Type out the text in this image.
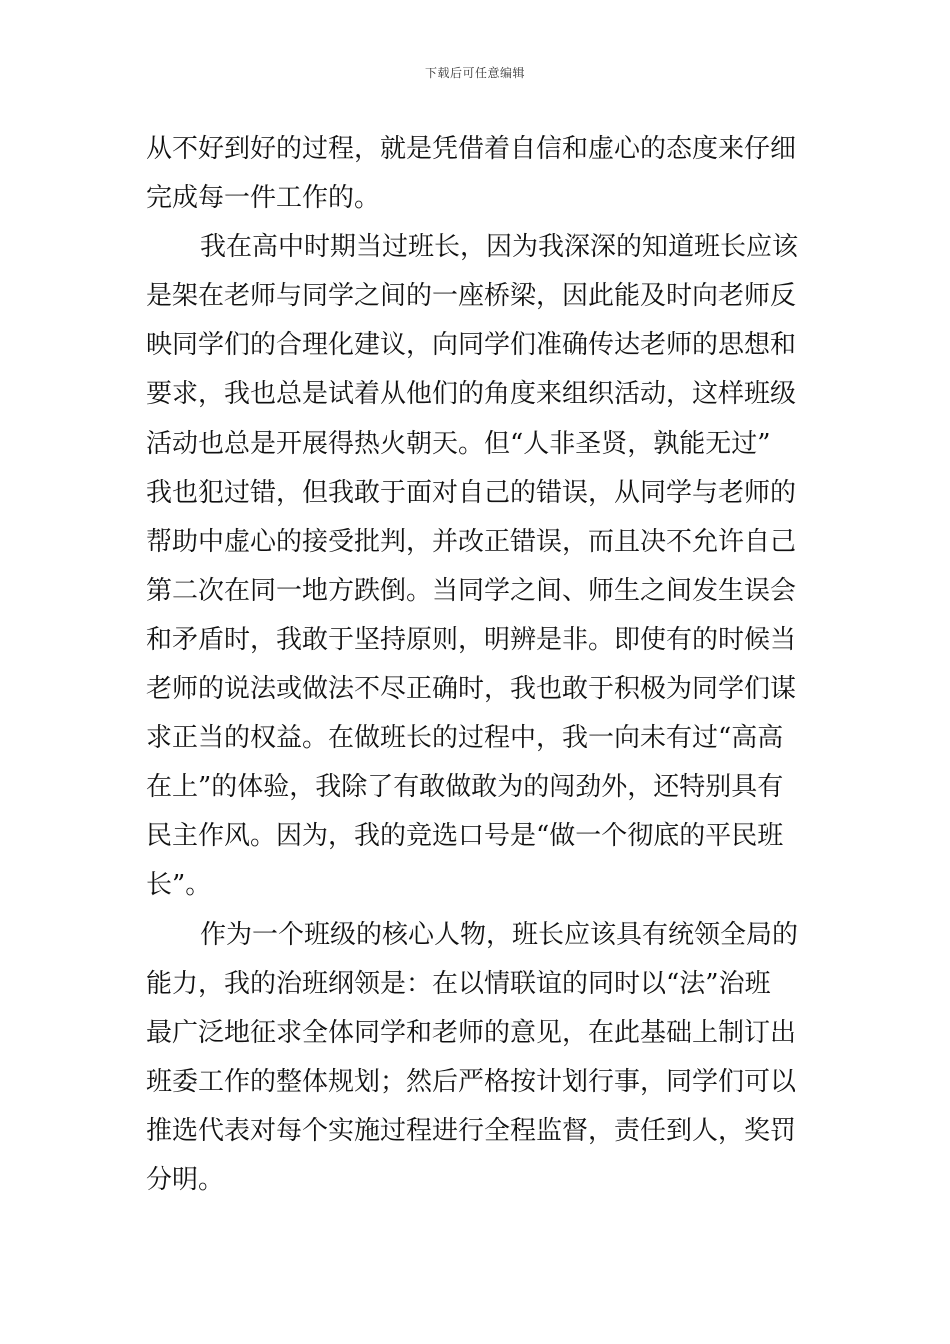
下载后可任意编辑
从不好到好的过程，就是凭借着自信和虚心的态度来仔细
完成每一件工作的。
我在高中时期当过班长，因为我深深的知道班长应该
是架在老师与同学之间的一座桥梁，因此能及时向老师反
映同学们的合理化建议，向同学们准确传达老师的思想和
要求，我也总是试着从他们的角度来组织活动，这样班级
活动也总是开展得热火朝天。但“人非圣贤，孰能无过”
我也犯过错，但我敢于面对自己的错误，从同学与老师的
帮助中虚心的接受批判，并改正错误，而且决不允许自己
第二次在同一地方跌倒。当同学之间、师生之间发生误会
和矛盾时，我敢于坚持原则，明辨是非。即使有的时候当
老师的说法或做法不尽正确时，我也敢于积极为同学们谋
求正当的权益。在做班长的过程中，我一向未有过“高高
在上”的体验，我除了有敢做敢为的闯劲外，还特别具有
民主作风。因为，我的竞选口号是“做一个彻底的平民班
长”。
作为一个班级的核心人物，班长应该具有统领全局的
能力，我的治班纲领是：在以情联谊的同时以“法”治班
最广泛地征求全体同学和老师的意见，在此基础上制订出
班委工作的整体规划；然后严格按计划行事，同学们可以
推选代表对每个实施过程进行全程监督，责任到人，奖罚
分明。
